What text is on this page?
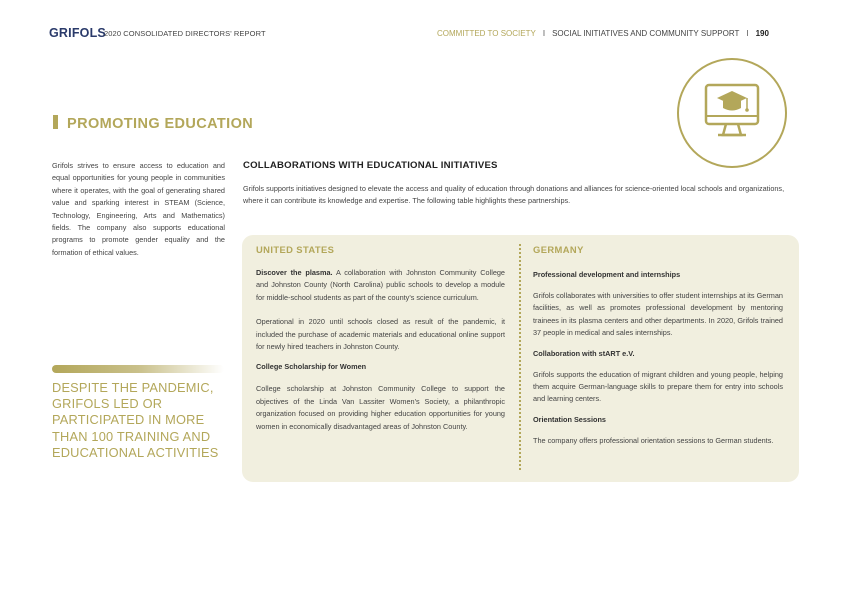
GRIFOLS
2020 CONSOLIDATED DIRECTORS' REPORT	COMMITTED TO SOCIETY I SOCIAL INITIATIVES AND COMMUNITY SUPPORT I 190
PROMOTING EDUCATION
Grifols strives to ensure access to education and equal opportunities for young people in communities where it operates, with the goal of generating shared value and sparking interest in STEAM (Science, Technology, Engineering, Arts and Mathematics) fields. The company also supports educational programs to promote gender equality and the formation of ethical values.
DESPITE THE PANDEMIC, GRIFOLS LED OR PARTICIPATED IN MORE THAN 100 TRAINING AND EDUCATIONAL ACTIVITIES
COLLABORATIONS WITH EDUCATIONAL INITIATIVES
Grifols supports initiatives designed to elevate the access and quality of education through donations and alliances for science-oriented local schools and organizations, where it can contribute its knowledge and expertise. The following table highlights these partnerships.
UNITED STATES
Discover the plasma. A collaboration with Johnston Community College and Johnston County (North Carolina) public schools to develop a module for middle-school students as part of the county's science curriculum.
Operational in 2020 until schools closed as result of the pandemic, it included the purchase of academic materials and educational online support for newly hired teachers in Johnston County.
College Scholarship for Women
College scholarship at Johnston Community College to support the objectives of the Linda Van Lassiter Women's Society, a philanthropic organization focused on providing higher education opportunities for young women in economically disadvantaged areas of Johnston County.
GERMANY
Professional development and internships
Grifols collaborates with universities to offer student internships at its German facilities, as well as promotes professional development by mentoring trainees in its plasma centers and other departments. In 2020, Grifols trained 37 people in medical and sales internships.
Collaboration with stART e.V.
Grifols supports the education of migrant children and young people, helping them acquire German-language skills to prepare them for entry into schools and learning centers.
Orientation Sessions
The company offers professional orientation sessions to German students.
